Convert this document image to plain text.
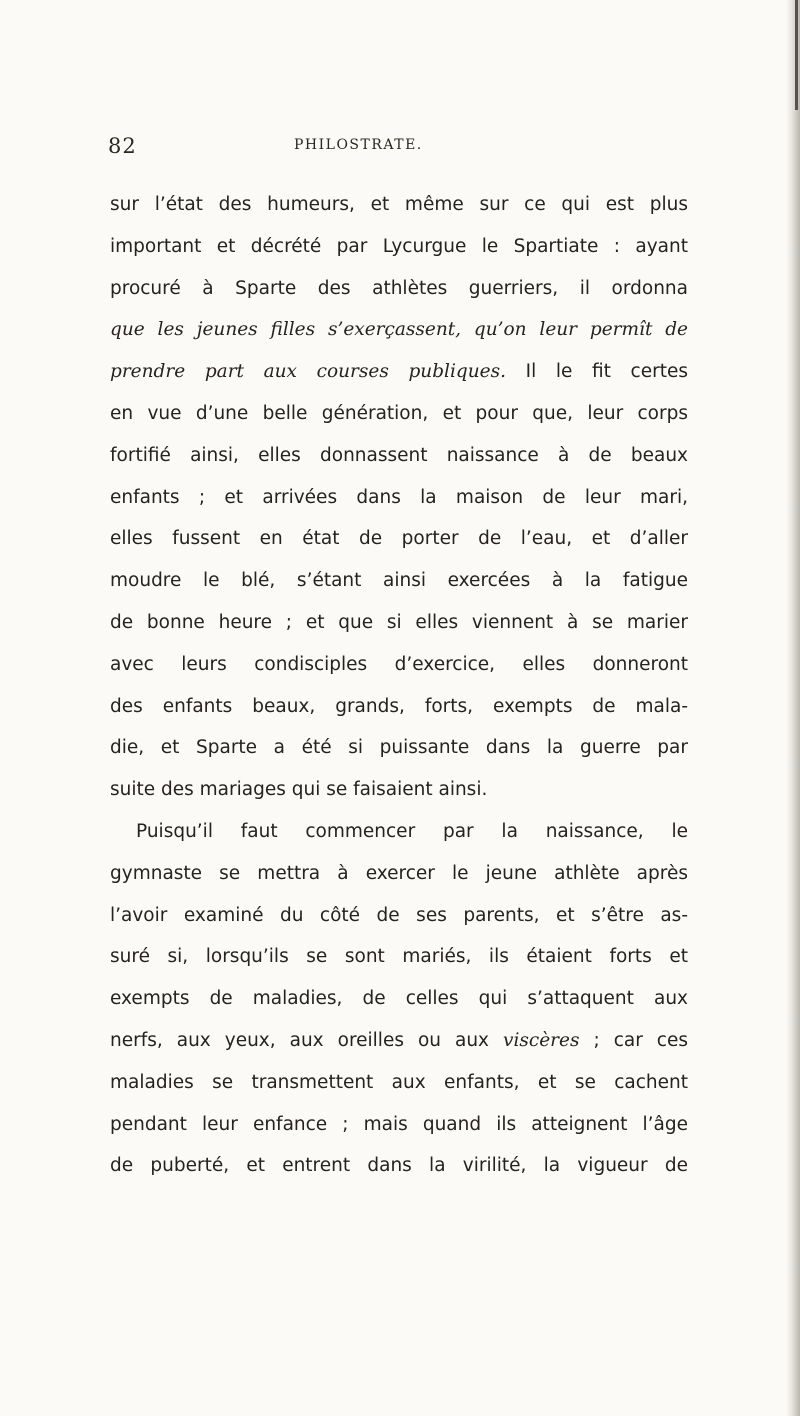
82	PHILOSTRATE.
sur l’état des humeurs, et même sur ce qui est plus
important et décrété par Lycurgue le Spartiate : ayant
procuré à Sparte des athlètes guerriers, il ordonna
que les jeunes filles s’exerçassent, qu’on leur permît de
prendre part aux courses publiques. Il le fit certes
en vue d’une belle génération, et pour que, leur corps
fortifié ainsi, elles donnassent naissance à de beaux
enfants ; et arrivées dans la maison de leur mari,
elles fussent en état de porter de l’eau, et d’aller
moudre le blé, s’étant ainsi exercées à la fatigue
de bonne heure ; et que si elles viennent à se marier
avec leurs condisciples d’exercice, elles donneront
des enfants beaux, grands, forts, exempts de mala-
die, et Sparte a été si puissante dans la guerre par
suite des mariages qui se faisaient ainsi.
Puisqu’il faut commencer par la naissance, le
gymnaste se mettra à exercer le jeune athlète après
l’avoir examiné du côté de ses parents, et s’être as-
suré si, lorsqu’ils se sont mariés, ils étaient forts et
exempts de maladies, de celles qui s’attaquent aux
nerfs, aux yeux, aux oreilles ou aux viscères ; car ces
maladies se transmettent aux enfants, et se cachent
pendant leur enfance ; mais quand ils atteignent l’âge
de puberté, et entrent dans la virilité, la vigueur de
